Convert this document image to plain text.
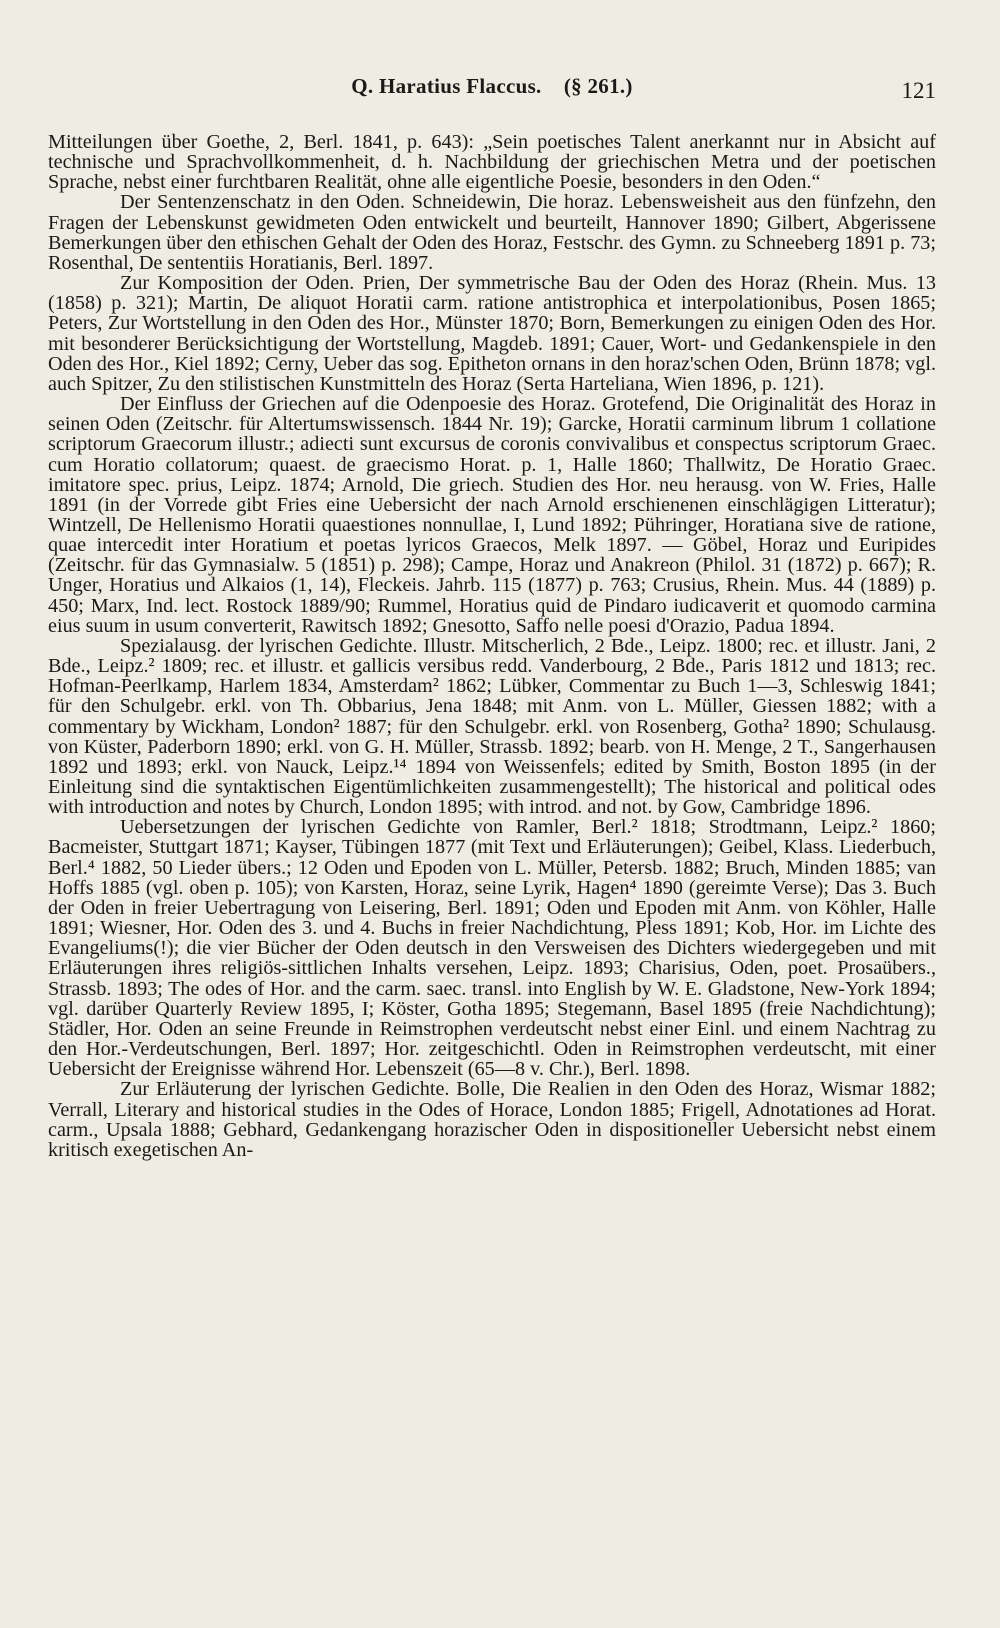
Q. Haratius Flaccus. (§ 261.)	121

Mitteilungen über Goethe, 2, Berl. 1841, p. 643): „Sein poetisches Talent anerkannt nur in Absicht auf technische und Sprachvollkommenheit, d. h. Nachbildung der griechischen Metra und der poetischen Sprache, nebst einer furchtbaren Realität, ohne alle eigentliche Poesie, besonders in den Oden.“

Der Sentenzenschatz in den Oden. Schneidewin, Die horaz. Lebensweisheit aus den fünfzehn, den Fragen der Lebenskunst gewidmeten Oden entwickelt und beurteilt, Hannover 1890; Gilbert, Abgerissene Bemerkungen über den ethischen Gehalt der Oden des Horaz, Festschr. des Gymn. zu Schneeberg 1891 p. 73; Rosenthal, De sententiis Horatianis, Berl. 1897.

Zur Komposition der Oden. Prien, Der symmetrische Bau der Oden des Horaz (Rhein. Mus. 13 (1858) p. 321); Martin, De aliquot Horatii carm. ratione antistrophica et interpolationibus, Posen 1865; Peters, Zur Wortstellung in den Oden des Hor., Münster 1870; Born, Bemerkungen zu einigen Oden des Hor. mit besonderer Berücksichtigung der Wortstellung, Magdeb. 1891; Cauer, Wort- und Gedankenspiele in den Oden des Hor., Kiel 1892; Cerny, Ueber das sog. Epitheton ornans in den horaz'schen Oden, Brünn 1878; vgl. auch Spitzer, Zu den stilistischen Kunstmitteln des Horaz (Serta Harteliana, Wien 1896, p. 121).

Der Einfluss der Griechen auf die Odenpoesie des Horaz. Grotefend, Die Originalität des Horaz in seinen Oden (Zeitschr. für Altertumswissensch. 1844 Nr. 19); Garcke, Horatii carminum librum 1 collatione scriptorum Graecorum illustr.; adiecti sunt excursus de coronis convivalibus et conspectus scriptorum Graec. cum Horatio collatorum; quaest. de graecismo Horat. p. 1, Halle 1860; Thallwitz, De Horatio Graec. imitatore spec. prius, Leipz. 1874; Arnold, Die griech. Studien des Hor. neu herausg. von W. Fries, Halle 1891 (in der Vorrede gibt Fries eine Uebersicht der nach Arnold erschienenen einschlägigen Litteratur); Wintzell, De Hellenismo Horatii quaestiones nonnullae, I, Lund 1892; Pühringer, Horatiana sive de ratione, quae intercedit inter Horatium et poetas lyricos Graecos, Melk 1897. — Göbel, Horaz und Euripides (Zeitschr. für das Gymnasialw. 5 (1851) p. 298); Campe, Horaz und Anakreon (Philol. 31 (1872) p. 667); R. Unger, Horatius und Alkaios (1, 14), Fleckeis. Jahrb. 115 (1877) p. 763; Crusius, Rhein. Mus. 44 (1889) p. 450; Marx, Ind. lect. Rostock 1889/90; Rummel, Horatius quid de Pindaro iudicaverit et quomodo carmina eius suum in usum converterit, Rawitsch 1892; Gnesotto, Saffo nelle poesi d'Orazio, Padua 1894.

Spezialausg. der lyrischen Gedichte. Illustr. Mitscherlich, 2 Bde., Leipz. 1800; rec. et illustr. Jani, 2 Bde., Leipz.² 1809; rec. et illustr. et gallicis versibus redd. Vanderbourg, 2 Bde., Paris 1812 und 1813; rec. Hofman-Peerlkamp, Harlem 1834, Amsterdam² 1862; Lübker, Commentar zu Buch 1—3, Schleswig 1841; für den Schulgebr. erkl. von Th. Obbarius, Jena 1848; mit Anm. von L. Müller, Giessen 1882; with a commentary by Wickham, London² 1887; für den Schulgebr. erkl. von Rosenberg, Gotha² 1890; Schulausg. von Küster, Paderborn 1890; erkl. von G. H. Müller, Strassb. 1892; bearb. von H. Menge, 2 T., Sangerhausen 1892 und 1893; erkl. von Nauck, Leipz.¹⁴ 1894 von Weissenfels; edited by Smith, Boston 1895 (in der Einleitung sind die syntaktischen Eigentümlichkeiten zusammengestellt); The historical and political odes with introduction and notes by Church, London 1895; with introd. and not. by Gow, Cambridge 1896.

Uebersetzungen der lyrischen Gedichte von Ramler, Berl.² 1818; Strodtmann, Leipz.² 1860; Bacmeister, Stuttgart 1871; Kayser, Tübingen 1877 (mit Text und Erläuterungen); Geibel, Klass. Liederbuch, Berl.⁴ 1882, 50 Lieder übers.; 12 Oden und Epoden von L. Müller, Petersb. 1882; Bruch, Minden 1885; van Hoffs 1885 (vgl. oben p. 105); von Karsten, Horaz, seine Lyrik, Hagen⁴ 1890 (gereimte Verse); Das 3. Buch der Oden in freier Uebertragung von Leisering, Berl. 1891; Oden und Epoden mit Anm. von Köhler, Halle 1891; Wiesner, Hor. Oden des 3. und 4. Buchs in freier Nachdichtung, Pless 1891; Kob, Hor. im Lichte des Evangeliums(!); die vier Bücher der Oden deutsch in den Versweisen des Dichters wiedergegeben und mit Erläuterungen ihres religiös-sittlichen Inhalts versehen, Leipz. 1893; Charisius, Oden, poet. Prosaübers., Strassb. 1893; The odes of Hor. and the carm. saec. transl. into English by W. E. Gladstone, New-York 1894; vgl. darüber Quarterly Review 1895, I; Köster, Gotha 1895; Stegemann, Basel 1895 (freie Nachdichtung); Städler, Hor. Oden an seine Freunde in Reimstrophen verdeutscht nebst einer Einl. und einem Nachtrag zu den Hor.-Verdeutschungen, Berl. 1897; Hor. zeitgeschichtl. Oden in Reimstrophen verdeutscht, mit einer Uebersicht der Ereignisse während Hor. Lebenszeit (65—8 v. Chr.), Berl. 1898.

Zur Erläuterung der lyrischen Gedichte. Bolle, Die Realien in den Oden des Horaz, Wismar 1882; Verrall, Literary and historical studies in the Odes of Horace, London 1885; Frigell, Adnotationes ad Horat. carm., Upsala 1888; Gebhard, Gedankengang horazischer Oden in dispositioneller Uebersicht nebst einem kritisch exegetischen An-
